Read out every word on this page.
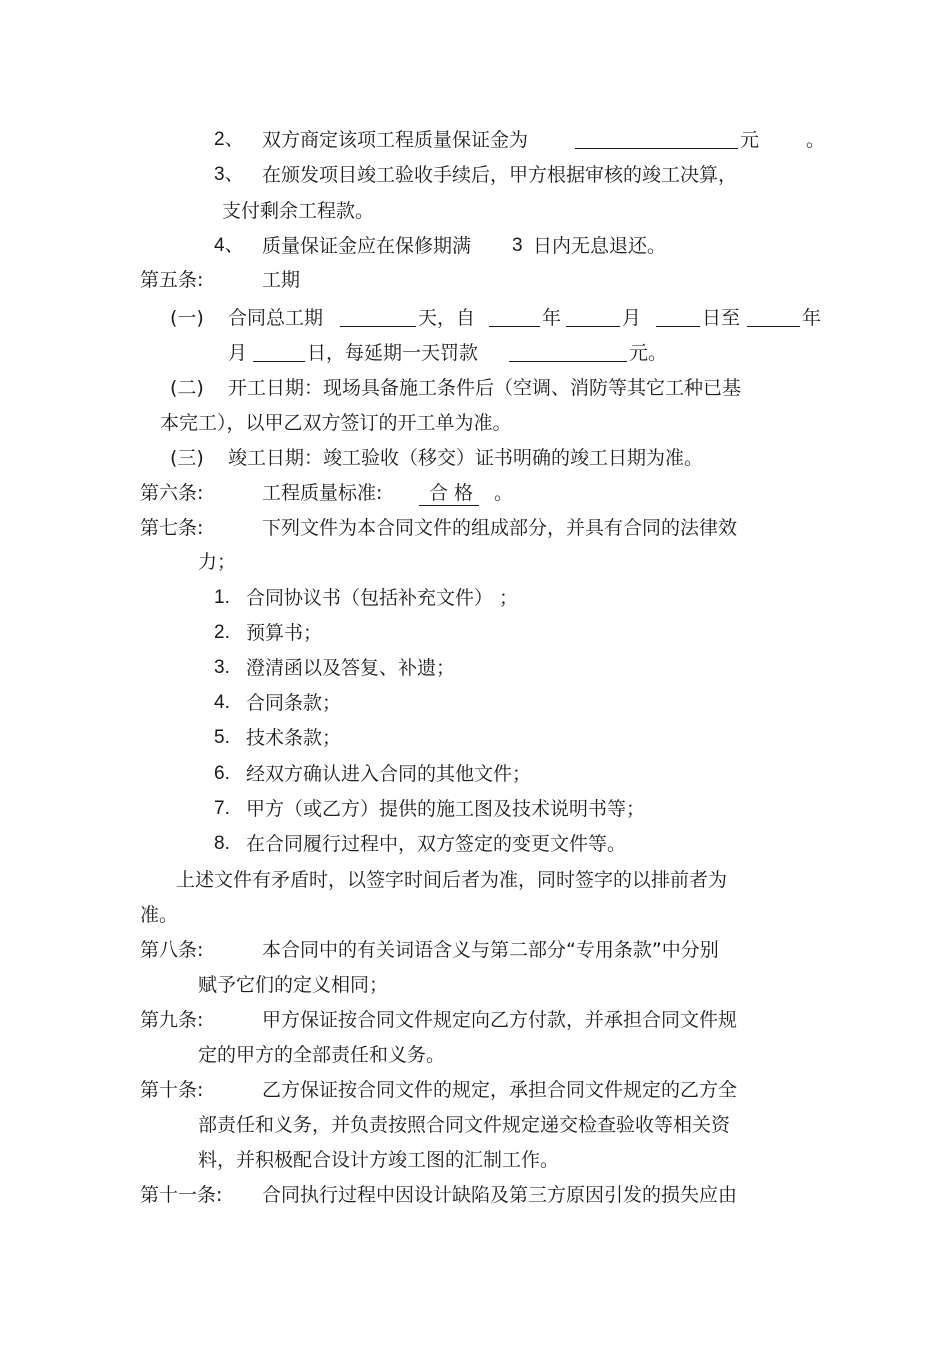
2、 双方商定该项工程质量保证金为	元 。
3、 在颁发项目竣工验收手续后，甲方根据审核的竣工决算，
支付剩余工程款。
4、 质量保证金应在保修期满 3 日内无息退还。
第五条:	工期
(一) 合同总工期	天，自	年	月	日至	年
月	日，每延期一天罚款	元。
(二) 开工日期：现场具备施工条件后（空调、消防等其它工种已基
本完工），以甲乙双方签订的开工单为准。
(三) 竣工日期：竣工验收（移交）证书明确的竣工日期为准。
第六条:	工程质量标准:	合 格	。
第七条:	下列文件为本合同文件的组成部分，并具有合同的法律效
力；
1. 合同协议书（包括补充文件） ；
2. 预算书；
3. 澄清函以及答复、补遗；
4. 合同条款；
5. 技术条款；
6. 经双方确认进入合同的其他文件；
7. 甲方（或乙方）提供的施工图及技术说明书等；
8. 在合同履行过程中，双方签定的变更文件等。
上述文件有矛盾时，以签字时间后者为准，同时签字的以排前者为
准。
第八条:	本合同中的有关词语含义与第二部分“专用条款”中分别
赋予它们的定义相同；
第九条:	甲方保证按合同文件规定向乙方付款，并承担合同文件规
定的甲方的全部责任和义务。
第十条:	乙方保证按合同文件的规定，承担合同文件规定的乙方全
部责任和义务，并负责按照合同文件规定递交检查验收等相关资
料，并积极配合设计方竣工图的汇制工作。
第十一条: 合同执行过程中因设计缺陷及第三方原因引发的损失应由
